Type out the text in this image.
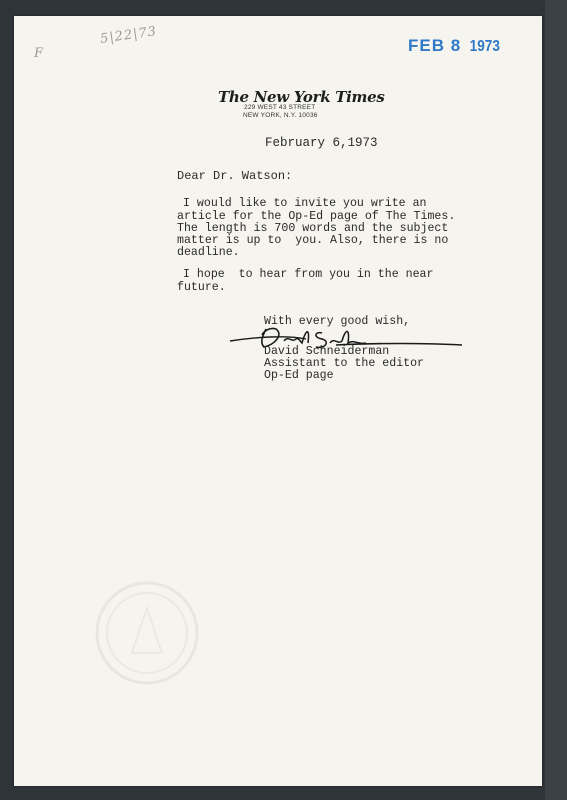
F
5|22|73	FEB 8 1973
The New York Times
229 WEST 43 STREET
NEW YORK, N.Y. 10036
February 6,1973
Dear Dr. Watson:
I would like to invite you write an
article for the Op-Ed page of The Times.
The length is 700 words and the subject
matter is up to  you. Also, there is no
deadline.
I hope  to hear from you in the near
future.
With every good wish,
David Schneiderman
Assistant to the editor
Op-Ed page
